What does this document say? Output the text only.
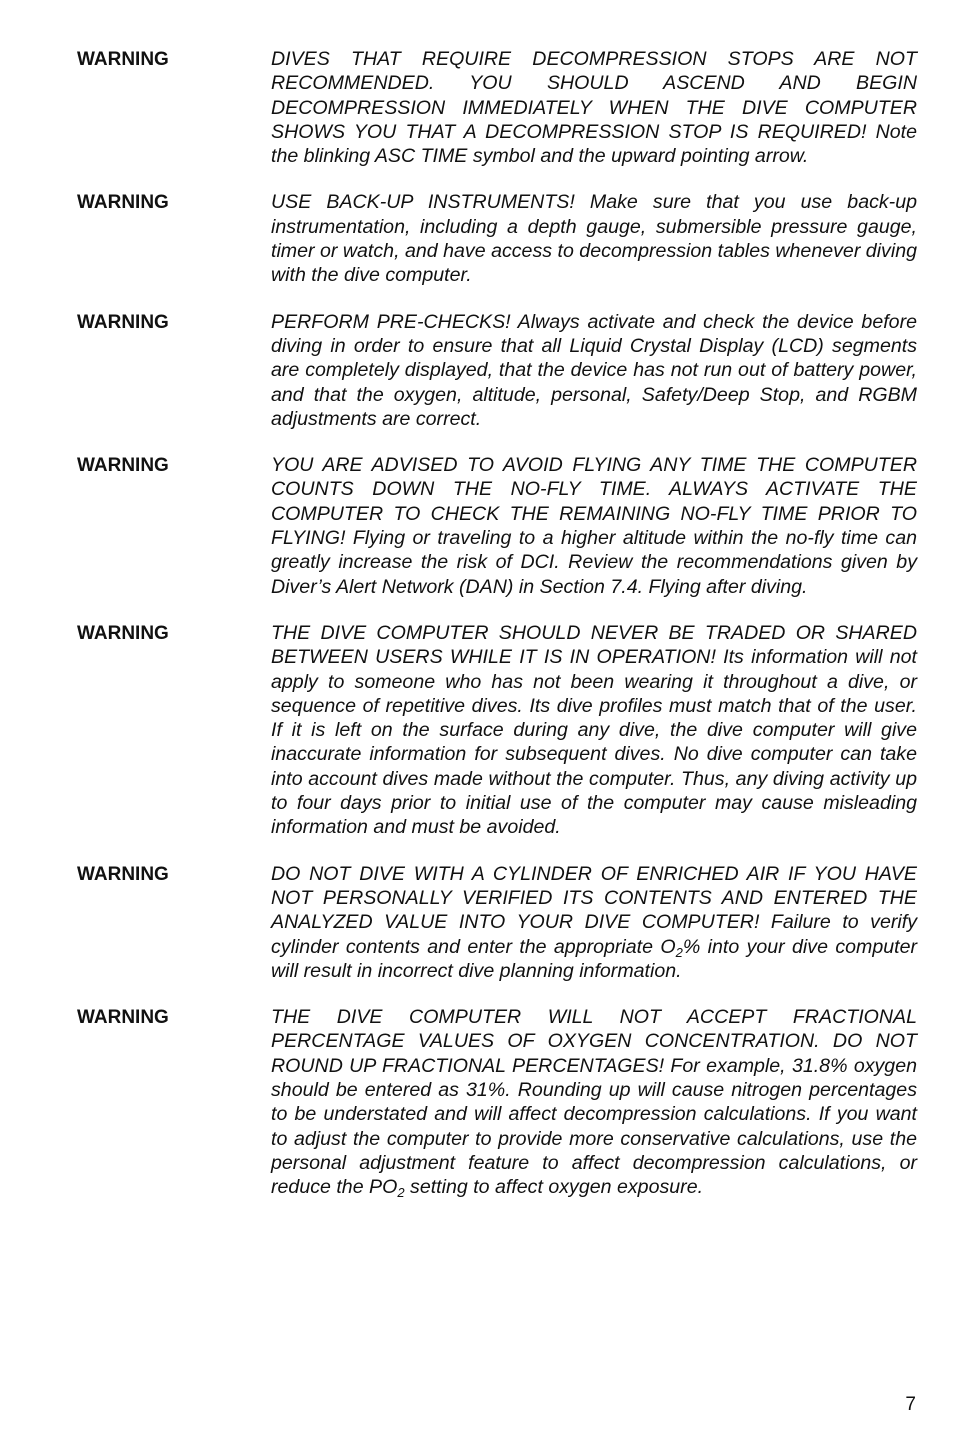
WARNING	DIVES THAT REQUIRE DECOMPRESSION STOPS ARE NOT RECOMMENDED. YOU SHOULD ASCEND AND BEGIN DECOMPRESSION IMMEDIATELY WHEN THE DIVE COMPUTER SHOWS YOU THAT A DECOMPRESSION STOP IS REQUIRED! Note the blinking ASC TIME symbol and the upward pointing arrow.
WARNING	USE BACK-UP INSTRUMENTS! Make sure that you use back-up instrumentation, including a depth gauge, submersible pressure gauge, timer or watch, and have access to decompression tables whenever diving with the dive computer.
WARNING	PERFORM PRE-CHECKS! Always activate and check the device before diving in order to ensure that all Liquid Crystal Display (LCD) segments are completely displayed, that the device has not run out of battery power, and that the oxygen, altitude, personal, Safety/Deep Stop, and RGBM adjustments are correct.
WARNING	YOU ARE ADVISED TO AVOID FLYING ANY TIME THE COMPUTER COUNTS DOWN THE NO-FLY TIME. ALWAYS ACTIVATE THE COMPUTER TO CHECK THE REMAINING NO-FLY TIME PRIOR TO FLYING! Flying or traveling to a higher altitude within the no-fly time can greatly increase the risk of DCI. Review the recommendations given by Diver’s Alert Network (DAN) in Section 7.4. Flying after diving.
WARNING	THE DIVE COMPUTER SHOULD NEVER BE TRADED OR SHARED BETWEEN USERS WHILE IT IS IN OPERATION! Its information will not apply to someone who has not been wearing it throughout a dive, or sequence of repetitive dives. Its dive profiles must match that of the user. If it is left on the surface during any dive, the dive computer will give inaccurate information for subsequent dives. No dive computer can take into account dives made without the computer. Thus, any diving activity up to four days prior to initial use of the computer may cause misleading information and must be avoided.
WARNING	DO NOT DIVE WITH A CYLINDER OF ENRICHED AIR IF YOU HAVE NOT PERSONALLY VERIFIED ITS CONTENTS AND ENTERED THE ANALYZED VALUE INTO YOUR DIVE COMPUTER! Failure to verify cylinder contents and enter the appropriate $O_2\%$ into your dive computer will result in incorrect dive planning information.
WARNING	THE DIVE COMPUTER WILL NOT ACCEPT FRACTIONAL PERCENTAGE VALUES OF OXYGEN CONCENTRATION. DO NOT ROUND UP FRACTIONAL PERCENTAGES! For example, 31.8% oxygen should be entered as 31%. Rounding up will cause nitrogen percentages to be understated and will affect decompression calculations. If you want to adjust the computer to provide more conservative calculations, use the personal adjustment feature to affect decompression calculations, or reduce the $PO_2$ setting to affect oxygen exposure.
7
